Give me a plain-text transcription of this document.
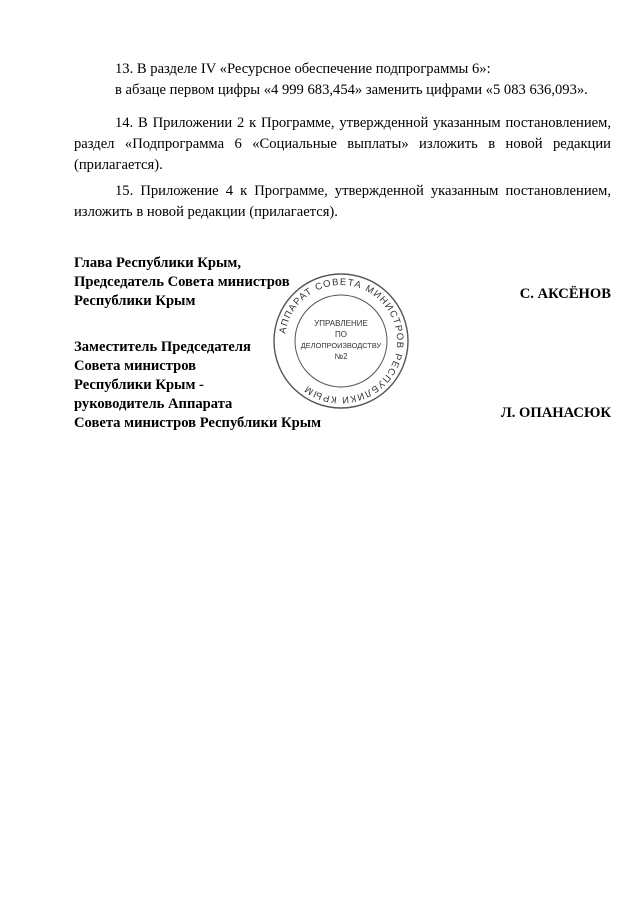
13. В разделе IV «Ресурсное обеспечение подпрограммы 6»:
в абзаце первом цифры «4 999 683,454» заменить цифрами «5 083 636,093».
14. В Приложении 2 к Программе, утвержденной указанным постановлением, раздел «Подпрограмма 6 «Социальные выплаты» изложить в новой редакции (прилагается).
15. Приложение 4 к Программе, утвержденной указанным постановлением, изложить в новой редакции (прилагается).
Глава Республики Крым,
Председатель Совета министров
Республики Крым	С. АКСЁНОВ
Заместитель Председателя
Совета министров
Республики Крым -
руководитель Аппарата
Совета министров Республики Крым
Л. ОПАНАСЮК
АППАРАТ СОВЕТА МИНИСТРОВ РЕСПУБЛИКИ КРЫМ
УПРАВЛЕНИЕ
ПО
ДЕЛОПРОИЗВОДСТВУ
№2
